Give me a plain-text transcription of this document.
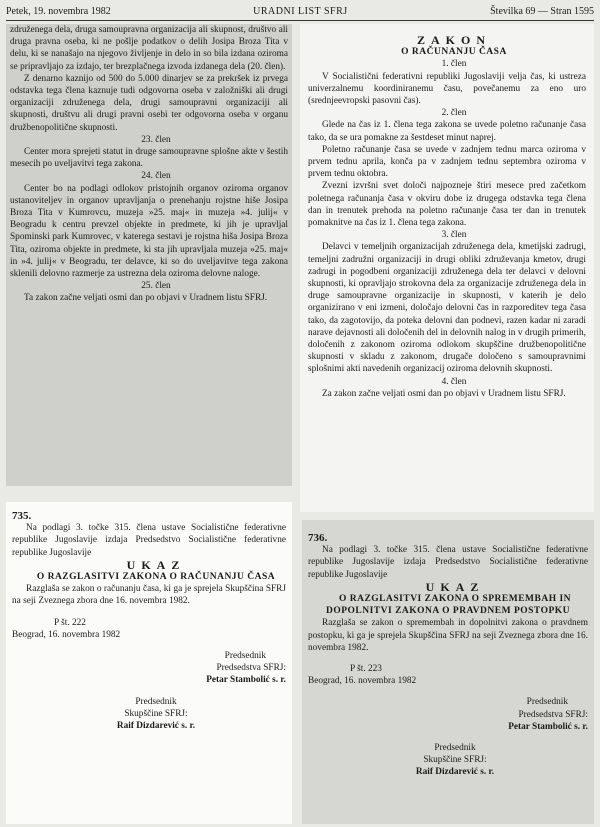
Petek, 19. novembra 1982	URADNI LIST SFRJ	Številka 69 — Stran 1595

združenega dela, druga samoupravna organizacija ali skupnost, društvo ali druga pravna oseba, ki ne pošlje podatkov o delih Josipa Broza Tita v delu, ki se nanašajo na njegovo življenje in delo in so bila izdana oziroma se pripravljajo za izdajo, ter brezplačnega izvoda izdanega dela (20. člen).

Z denarno kaznijo od 500 do 5.000 dinarjev se za prekršek iz prvega odstavka tega člena kaznuje tudi odgovorna oseba v založniški ali drugi organizaciji združenega dela, drugi samoupravni organizaciji ali skupnosti, društvu ali drugi pravni osebi ter odgovorna oseba v organu družbenopolitične skupnosti.

23. člen

Center mora sprejeti statut in druge samoupravne splošne akte v šestih mesecih po uveljavitvi tega zakona.

24. člen

Center bo na podlagi odlokov pristojnih organov oziroma organov ustanoviteljev in organov upravljanja o prenehanju rojstne hiše Josipa Broza Tita v Kumrovcu, muzeja »25. maj« in muzeja »4. julij« v Beogradu k centru prevzel objekte in predmete, ki jih je upravljal Spominski park Kumrovec, v katerega sestavi je rojstna hiša Josipa Broza Tita, oziroma objekte in predmete, ki sta jih upravljala muzeja »25. maj« in »4. julij« v Beogradu, ter delavce, ki so do uveljavitve tega zakona sklenili delovno razmerje za ustrezna dela oziroma delovne naloge.

25. člen

Ta zakon začne veljati osmi dan po objavi v Uradnem listu SFRJ.

ZAKON

O RAČUNANJU ČASA

1. člen

V Socialistični federativni republiki Jugoslaviji velja čas, ki ustreza univerzalnemu koordiniranemu času, povečanemu za eno uro (srednjeevropski pasovni čas).

2. člen

Glede na čas iz 1. člena tega zakona se uvede poletno računanje časa tako, da se ura pomakne za šestdeset minut naprej.

Poletno računanje časa se uvede v zadnjem tednu marca oziroma v prvem tednu aprila, konča pa v zadnjem tednu septembra oziroma v prvem tednu oktobra.

Zvezni izvršni svet določi najpozneje štiri mesece pred začetkom poletnega računanja časa v okviru dobe iz drugega odstavka tega člena dan in trenutek prehoda na poletno računanje časa ter dan in trenutek pomaknitve na čas iz 1. člena tega zakona.

3. člen

Delavci v temeljnih organizacijah združenega dela, kmetijski zadrugi, temeljni zadružni organizaciji in drugi obliki združevanja kmetov, drugi zadrugi in pogodbeni organizaciji združenega dela ter delavci v delovni skupnosti, ki opravljajo strokovna dela za organizacije združenega dela in druge samoupravne organizacije in skupnosti, v katerih je delo organizirano v eni izmeni, določajo delovni čas in razporeditev tega časa tako, da zagotovijo, da poteka delovni dan podnevi, razen kadar ni zaradi narave dejavnosti ali določenih del in delovnih nalog in v drugih primerih, določenih z zakonom oziroma odlokom skupščine družbenopolitične skupnosti v skladu z zakonom, drugače določeno s samoupravnimi splošnimi akti navedenih organizacij oziroma delovnih skupnosti.

4. člen

Za zakon začne veljati osmi dan po objavi v Uradnem listu SFRJ.

735.

Na podlagi 3. točke 315. člena ustave Socialistične federativne republike Jugoslavije izdaja Predsedstvo Socialistične federativne republike Jugoslavije

UKAZ

O RAZGLASITVI ZAKONA O RAČUNANJU ČASA

Razglaša se zakon o računanju časa, ki ga je sprejela Skupščina SFRJ na seji Zveznega zbora dne 16. novembra 1982.

P št. 222

Beograd, 16. novembra 1982

Predsednik

Predsedstva SFRJ:

Petar Stambolić s. r.

Predsednik

Skupščine SFRJ:

Raif Dizdarević s. r.

736.

Na podlagi 3. točke 315. člena ustave Socialistične federativne republike Jugoslavije izdaja Predsedstvo Socialistične federativne republike Jugoslavije

UKAZ

O RAZGLASITVI ZAKONA O SPREMEMBAH IN DOPOLNITVI ZAKONA O PRAVDNEM POSTOPKU

Razglaša se zakon o spremembah in dopolnitvi zakona o pravdnem postopku, ki ga je sprejela Skupščina SFRJ na seji Zveznega zbora dne 16. novembra 1982.

P št. 223

Beograd, 16. novembra 1982

Predsednik

Predsedstva SFRJ:

Petar Stambolić s. r.

Predsednik

Skupščine SFRJ:

Raif Dizdarević s. r.
